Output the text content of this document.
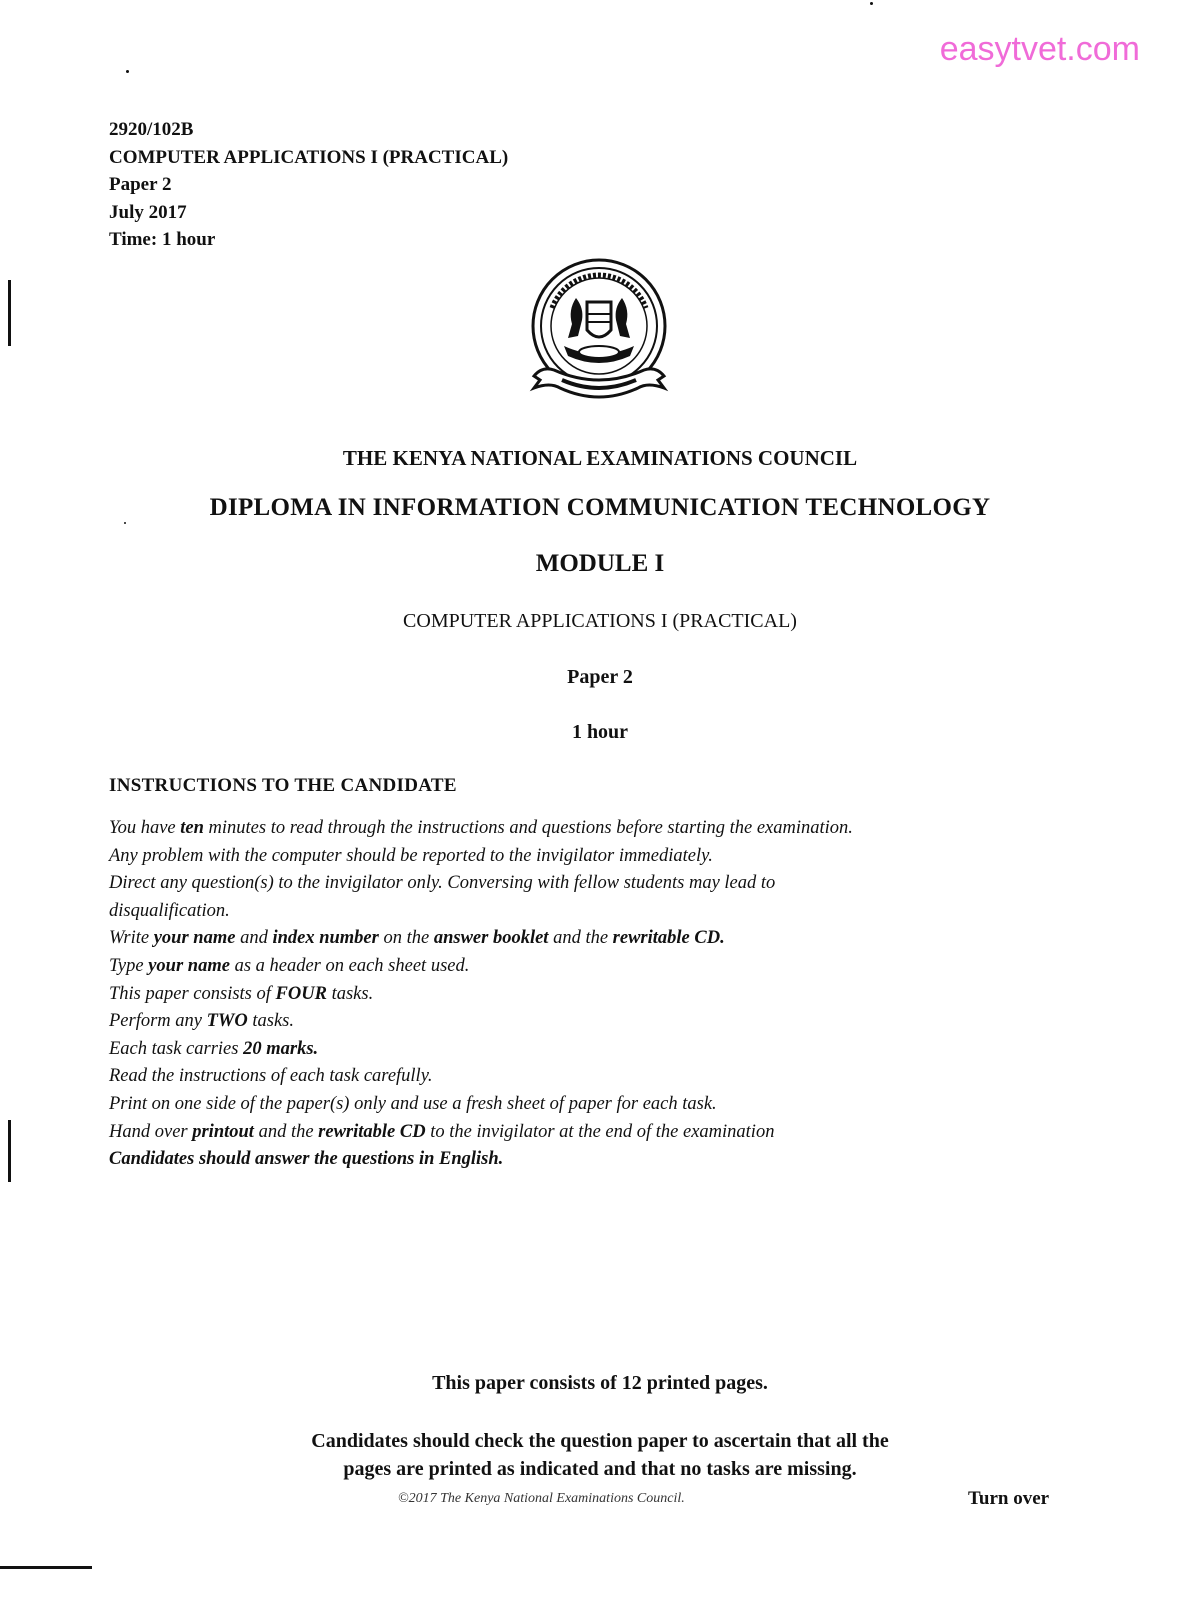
easytvet.com
2920/102B
COMPUTER APPLICATIONS I (PRACTICAL)
Paper 2
July 2017
Time: 1 hour
THE KENYA NATIONAL EXAMINATIONS COUNCIL
DIPLOMA IN INFORMATION COMMUNICATION TECHNOLOGY
MODULE I
COMPUTER APPLICATIONS I (PRACTICAL)
Paper 2
1 hour
INSTRUCTIONS TO THE CANDIDATE
You have ten minutes to read through the instructions and questions before starting the examination.
Any problem with the computer should be reported to the invigilator immediately.
Direct any question(s) to the invigilator only. Conversing with fellow students may lead to
disqualification.
Write your name and index number on the answer booklet and the rewritable CD.
Type your name as a header on each sheet used.
This paper consists of FOUR tasks.
Perform any TWO tasks.
Each task carries 20 marks.
Read the instructions of each task carefully.
Print on one side of the paper(s) only and use a fresh sheet of paper for each task.
Hand over printout and the rewritable CD to the invigilator at the end of the examination
Candidates should answer the questions in English.
This paper consists of 12 printed pages.
Candidates should check the question paper to ascertain that all the
pages are printed as indicated and that no tasks are missing.
©2017 The Kenya National Examinations Council.	Turn over
